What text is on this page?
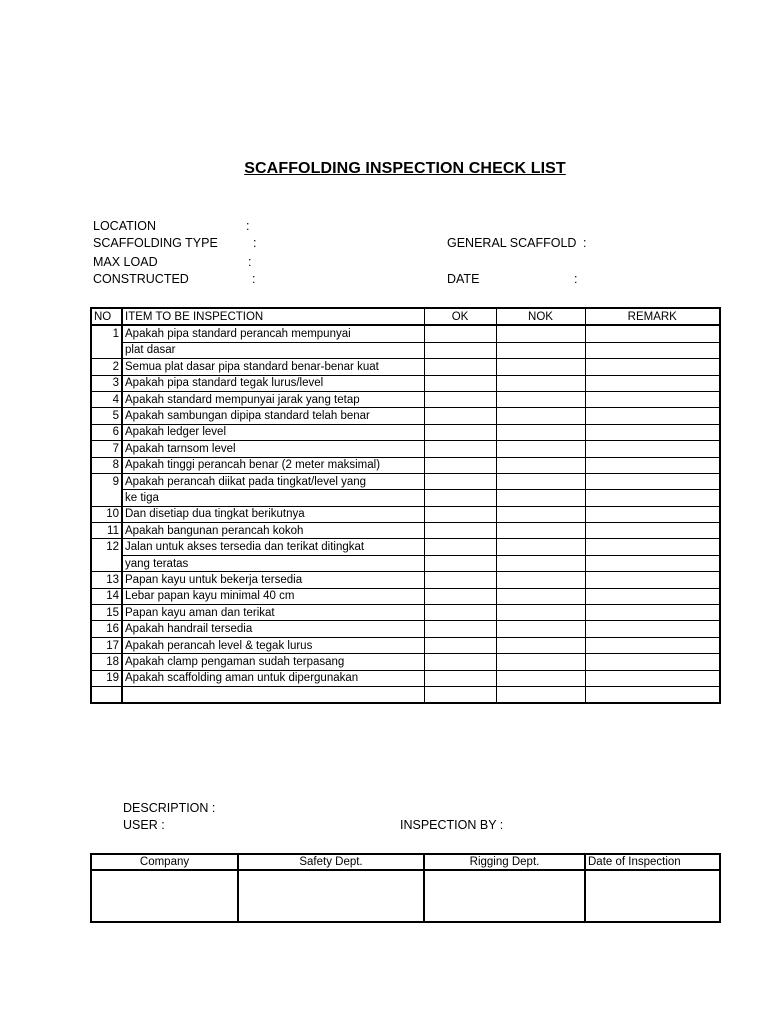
SCAFFOLDING INSPECTION CHECK LIST
LOCATION	:
SCAFFOLDING TYPE	:	GENERAL SCAFFOLD :
MAX LOAD	:
CONSTRUCTED	:	DATE	:
NO	ITEM TO BE INSPECTION	OK	NOK	REMARK
1	Apakah pipa standard perancah mempunyai			
	plat dasar			
2	Semua plat dasar pipa standard benar-benar kuat			
3	Apakah pipa standard tegak lurus/level			
4	Apakah standard mempunyai jarak yang tetap			
5	Apakah sambungan dipipa standard telah benar			
6	Apakah ledger level			
7	Apakah tarnsom level			
8	Apakah tinggi perancah benar (2 meter maksimal)			
9	Apakah perancah diikat pada tingkat/level yang			
	ke tiga			
10	Dan disetiap dua tingkat berikutnya			
11	Apakah bangunan perancah kokoh			
12	Jalan untuk akses tersedia dan terikat ditingkat			
	yang teratas			
13	Papan kayu untuk bekerja tersedia			
14	Lebar papan kayu minimal 40 cm			
15	Papan kayu aman dan terikat			
16	Apakah handrail tersedia			
17	Apakah perancah level & tegak lurus			
18	Apakah clamp pengaman sudah terpasang			
19	Apakah scaffolding aman untuk dipergunakan			

DESCRIPTION :
USER :	INSPECTION BY :
Company	Safety Dept.	Rigging Dept.	Date of Inspection
